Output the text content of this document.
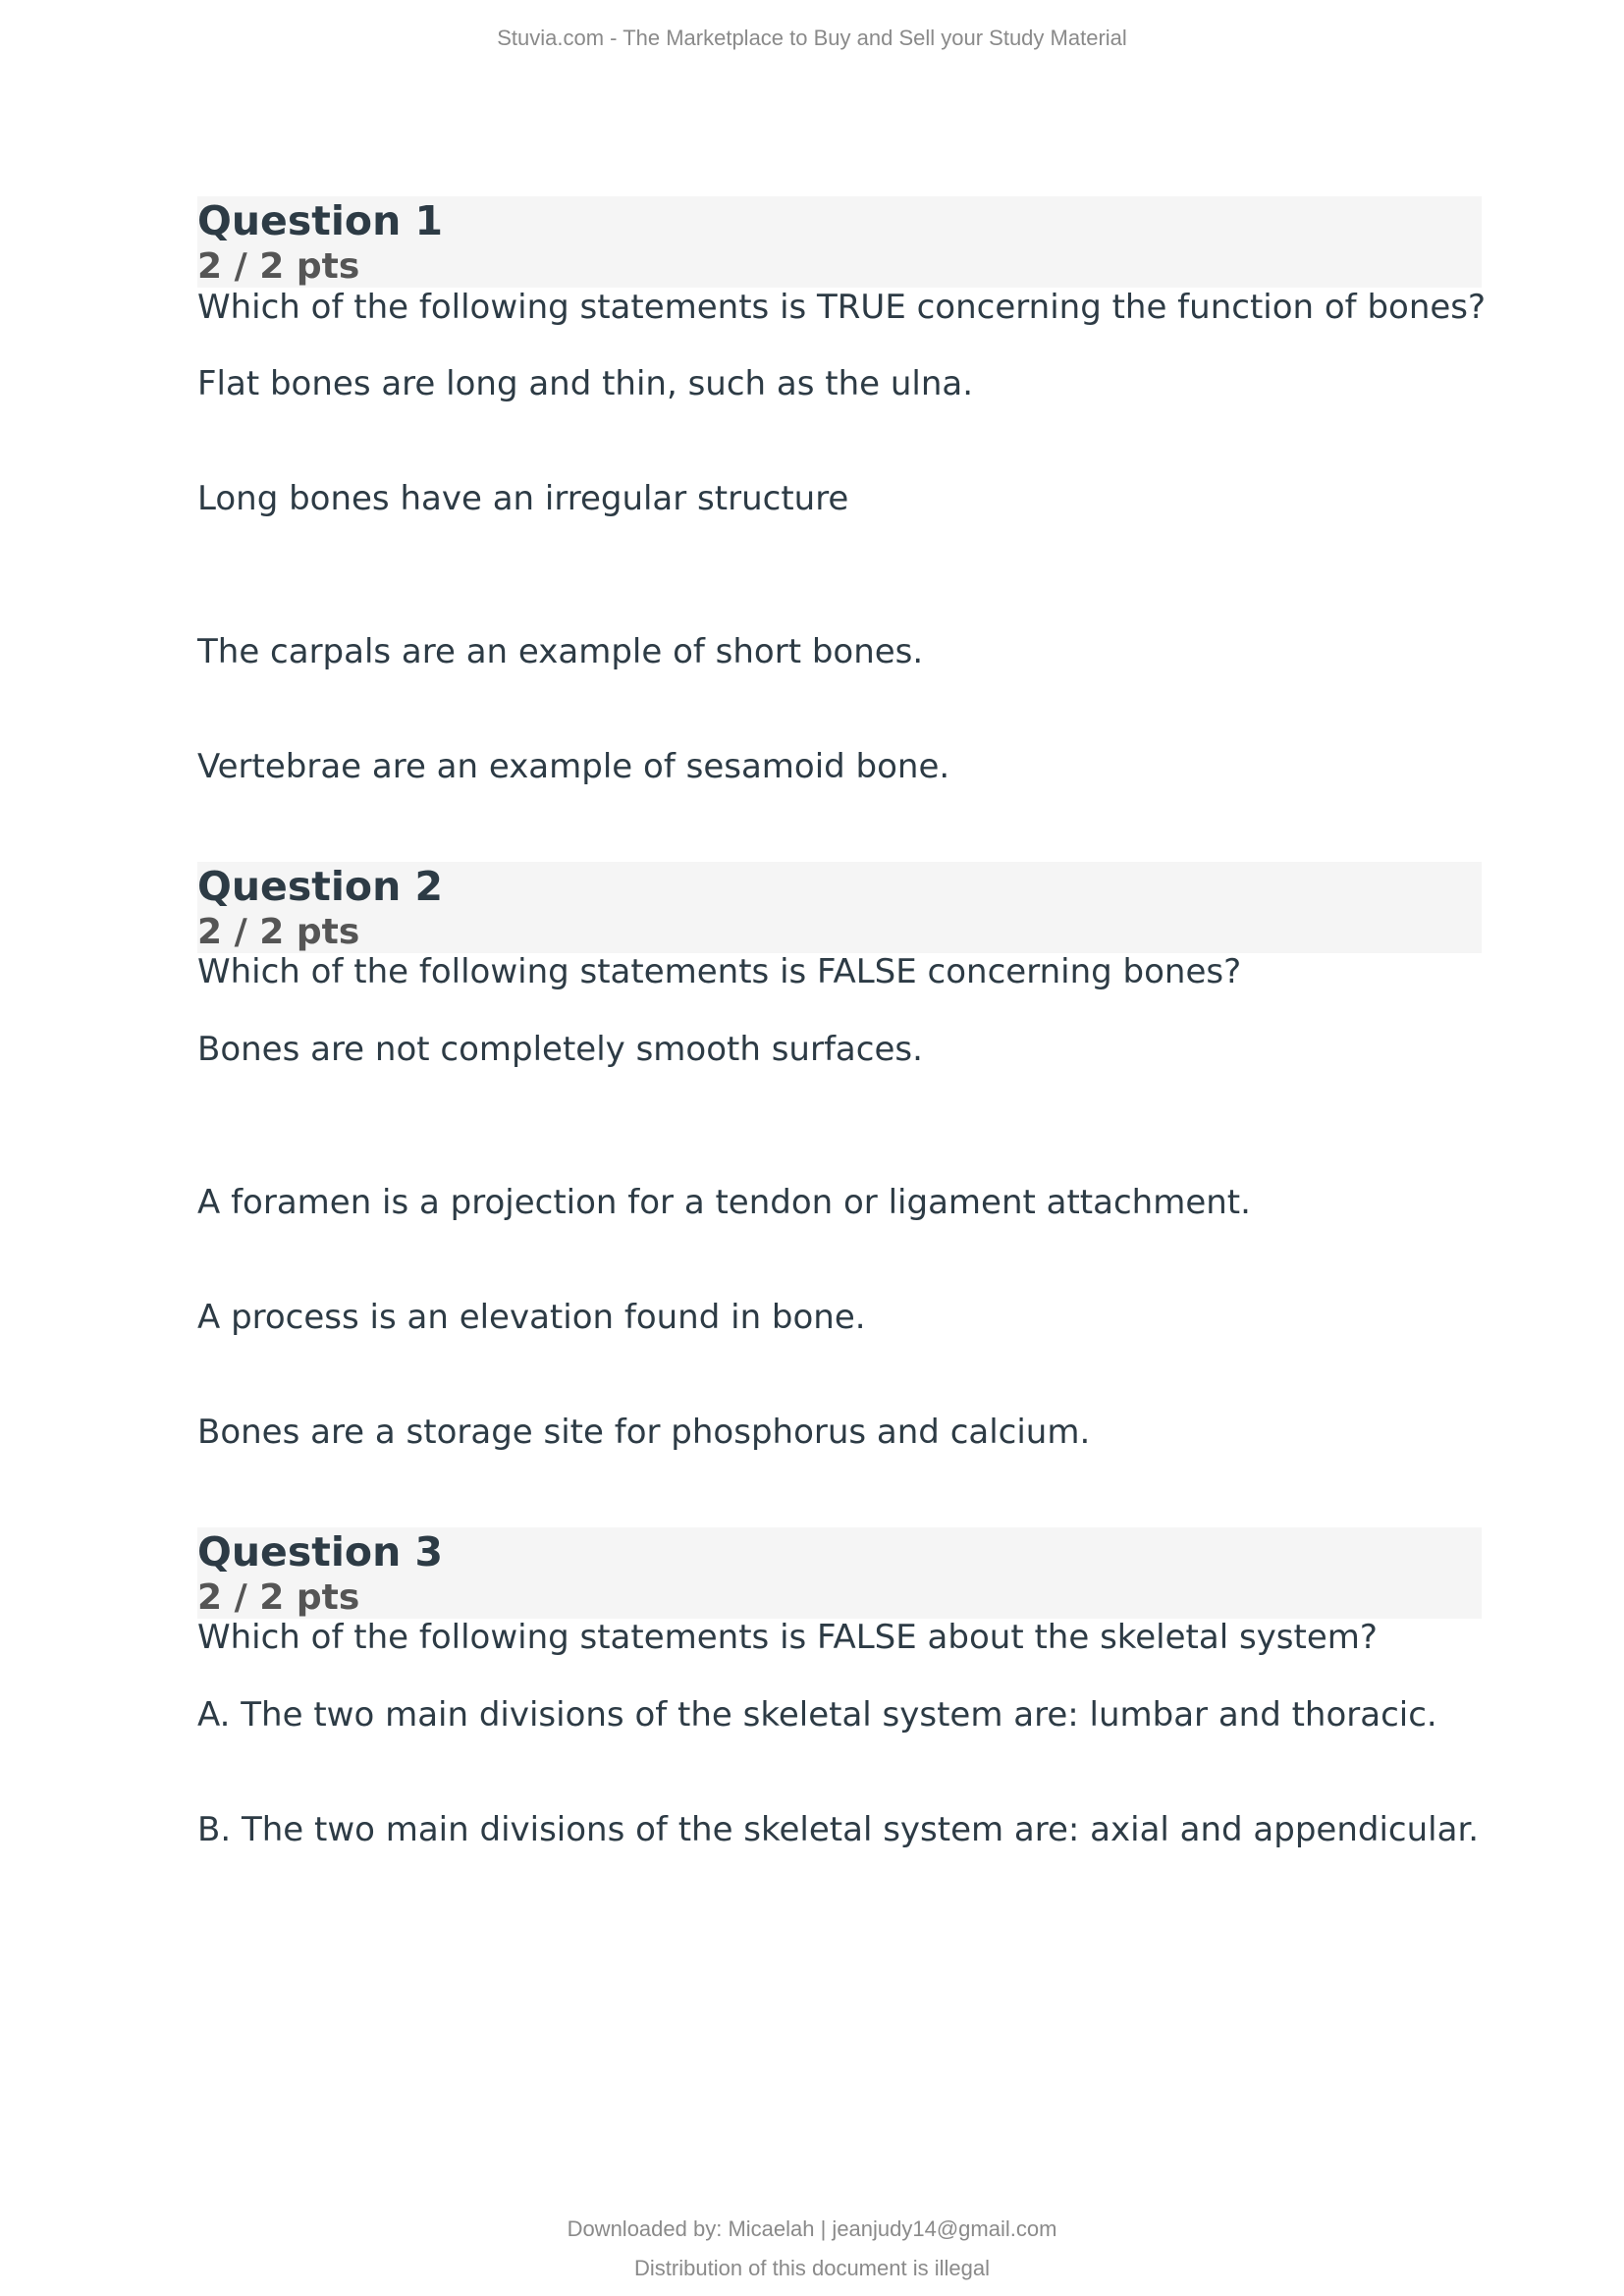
Stuvia.com - The Marketplace to Buy and Sell your Study Material
Question 1
2 / 2 pts
Which of the following statements is TRUE concerning the function of bones?
Flat bones are long and thin, such as the ulna.
Long bones have an irregular structure
The carpals are an example of short bones.
Vertebrae are an example of sesamoid bone.
Question 2
2 / 2 pts
Which of the following statements is FALSE concerning bones?
Bones are not completely smooth surfaces.
A foramen is a projection for a tendon or ligament attachment.
A process is an elevation found in bone.
Bones are a storage site for phosphorus and calcium.
Question 3
2 / 2 pts
Which of the following statements is FALSE about the skeletal system?
A. The two main divisions of the skeletal system are: lumbar and thoracic.
B. The two main divisions of the skeletal system are: axial and appendicular.
Downloaded by: Micaelah | jeanjudy14@gmail.com
Distribution of this document is illegal
